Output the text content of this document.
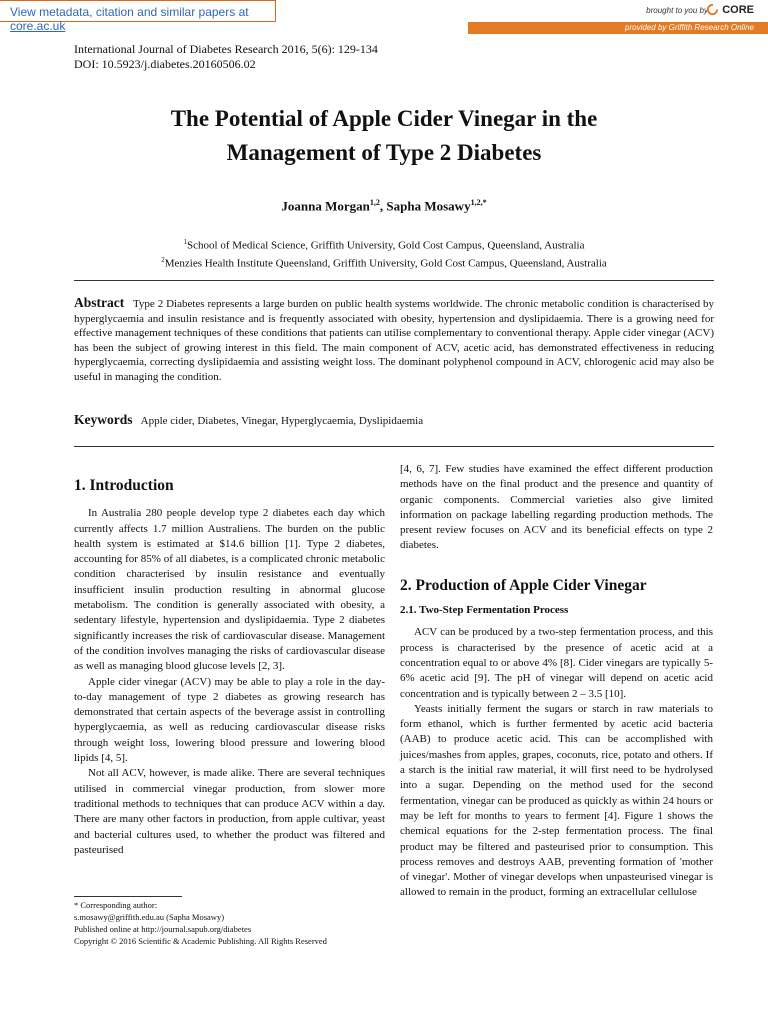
View metadata, citation and similar papers at core.ac.uk
brought to you by CORE
provided by Griffith Research Online
International Journal of Diabetes Research 2016, 5(6): 129-134
DOI: 10.5923/j.diabetes.20160506.02
The Potential of Apple Cider Vinegar in the
Management of Type 2 Diabetes
Joanna Morgan$^{1,2}$, Sapha Mosawy$^{1,2,*}$
$^1$School of Medical Science, Griffith University, Gold Cost Campus, Queensland, Australia
$^2$Menzies Health Institute Queensland, Griffith University, Gold Cost Campus, Queensland, Australia

Abstract Type 2 Diabetes represents a large burden on public health systems worldwide. The chronic metabolic condition is characterised by hyperglycaemia and insulin resistance and is frequently associated with obesity, hypertension and dyslipidaemia. There is a growing need for effective management techniques of these conditions that patients can utilise complementary to conventional therapy. Apple cider vinegar (ACV) has been the subject of growing interest in this field. The main component of ACV, acetic acid, has demonstrated effectiveness in reducing hyperglycaemia, correcting dyslipidaemia and assisting weight loss. The dominant polyphenol compound in ACV, chlorogenic acid may also be useful in managing the condition.

Keywords Apple cider, Diabetes, Vinegar, Hyperglycaemia, Dyslipidaemia
1. Introduction

In Australia 280 people develop type 2 diabetes each day which currently affects 1.7 million Australiens. The burden on the public health system is estimated at $14.6 billion [1]. Type 2 diabetes, accounting for 85% of all diabetes, is a complicated chronic metabolic condition characterised by insulin resistance and eventually insufficient insulin production resulting in abnormal glucose metabolism. The condition is generally associated with obesity, a sedentary lifestyle, hypertension and dyslipidaemia. Type 2 diabetes significantly increases the risk of cardiovascular disease. Management of the condition involves managing the risks of cardiovascular disease as well as managing blood glucose levels [2, 3].

Apple cider vinegar (ACV) may be able to play a role in the day-to-day management of type 2 diabetes as growing research has demonstrated that certain aspects of the beverage assist in controlling hyperglycaemia, as well as reducing cardiovascular disease risks through weight loss, lowering blood pressure and lowering blood lipids [4, 5].

Not all ACV, however, is made alike. There are several techniques utilised in commercial vinegar production, from slower more traditional methods to techniques that can produce ACV within a day. There are many other factors in production, from apple cultivar, yeast and bacterial cultures used, to whether the product was filtered and pasteurised

[4, 6, 7]. Few studies have examined the effect different production methods have on the final product and the presence and quantity of organic components. Commercial varieties also give limited information on package labelling regarding production methods. The present review focuses on ACV and its beneficial effects on type 2 diabetes.

2. Production of Apple Cider Vinegar
2.1. Two-Step Fermentation Process

ACV can be produced by a two-step fermentation process, and this process is characterised by the presence of acetic acid at a concentration equal to or above 4% [8]. Cider vinegars are typically 5-6% acetic acid [9]. The pH of vinegar will depend on acetic acid concentration and is typically between 2 – 3.5 [10].

Yeasts initially ferment the sugars or starch in raw materials to form ethanol, which is further fermented by acetic acid bacteria (AAB) to produce acetic acid. This can be accomplished with juices/mashes from apples, grapes, coconuts, rice, potato and others. If a starch is the initial raw material, it will first need to be hydrolysed into a sugar. Depending on the method used for the second fermentation, vinegar can be produced as quickly as within 24 hours or may be left for months to years to ferment [4]. Figure 1 shows the chemical equations for the 2-step fermentation process. The final product may be filtered and pasteurised prior to consumption. This process removes and destroys AAB, preventing formation of 'mother of vinegar'. Mother of vinegar develops when unpasteurised vinegar is allowed to remain in the product, forming an extracellular cellulose

* Corresponding author:
s.mosawy@griffith.edu.au (Sapha Mosawy)
Published online at http://journal.sapub.org/diabetes
Copyright © 2016 Scientific & Academic Publishing. All Rights Reserved
